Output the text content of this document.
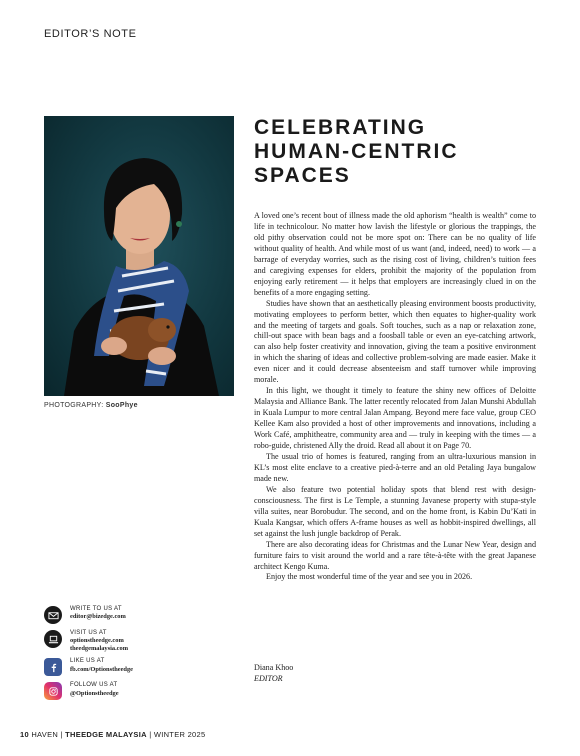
EDITOR’S NOTE
PHOTOGRAPHY: SooPhye
CELEBRATING
HUMAN-CENTRIC
SPACES

A loved one’s recent bout of illness made the old aphorism “health is wealth” come to life in technicolour. No matter how lavish the lifestyle or glorious the trappings, the old pithy observation could not be more spot on: There can be no quality of life without quality of health. And while most of us want (and, indeed, need) to work — a barrage of everyday worries, such as the rising cost of living, children’s tuition fees and caregiving expenses for elders, prohibit the majority of the population from enjoying early retirement — it helps that employers are increasingly clued in on the benefits of a more engaging setting.

Studies have shown that an aesthetically pleasing environment boosts productivity, motivating employees to perform better, which then equates to higher-quality work and the meeting of targets and goals. Soft touches, such as a nap or relaxation zone, chill-out space with bean bags and a foosball table or even an eye-catching artwork, can also help foster creativity and innovation, giving the team a positive environment in which the sharing of ideas and collective problem-solving are made easier. Make it even nicer and it could decrease absenteeism and staff turnover while improving morale.

In this light, we thought it timely to feature the shiny new offices of Deloitte Malaysia and Alliance Bank. The latter recently relocated from Jalan Munshi Abdullah in Kuala Lumpur to more central Jalan Ampang. Beyond mere face value, group CEO Kellee Kam also provided a host of other improvements and innovations, including a Work Café, amphitheatre, community area and — truly in keeping with the times — a robo-guide, christened Ally the droid. Read all about it on Page 70.

The usual trio of homes is featured, ranging from an ultra-luxurious mansion in KL’s most elite enclave to a creative pied-à-terre and an old Petaling Jaya bungalow made new.

We also feature two potential holiday spots that blend rest with design-consciousness. The first is Le Temple, a stunning Javanese property with stupa-style villa suites, near Borobudur. The second, and on the home front, is Kabin Du’Kati in Kuala Kangsar, which offers A-frame houses as well as hobbit-inspired dwellings, all set against the lush jungle backdrop of Perak.

There are also decorating ideas for Christmas and the Lunar New Year, design and furniture fairs to visit around the world and a rare tête-à-tête with the great Japanese architect Kengo Kuma.

Enjoy the most wonderful time of the year and see you in 2026.

Diana Khoo
EDITOR
WRITE TO US AT
editor@bizedge.com
VISIT US AT
optionstheedge.com
theedgemalaysia.com
LIKE US AT
fb.com/Optionstheedge
FOLLOW US AT
@Optionstheedge
10 HAVEN | THEEDGE MALAYSIA | WINTER 2025
